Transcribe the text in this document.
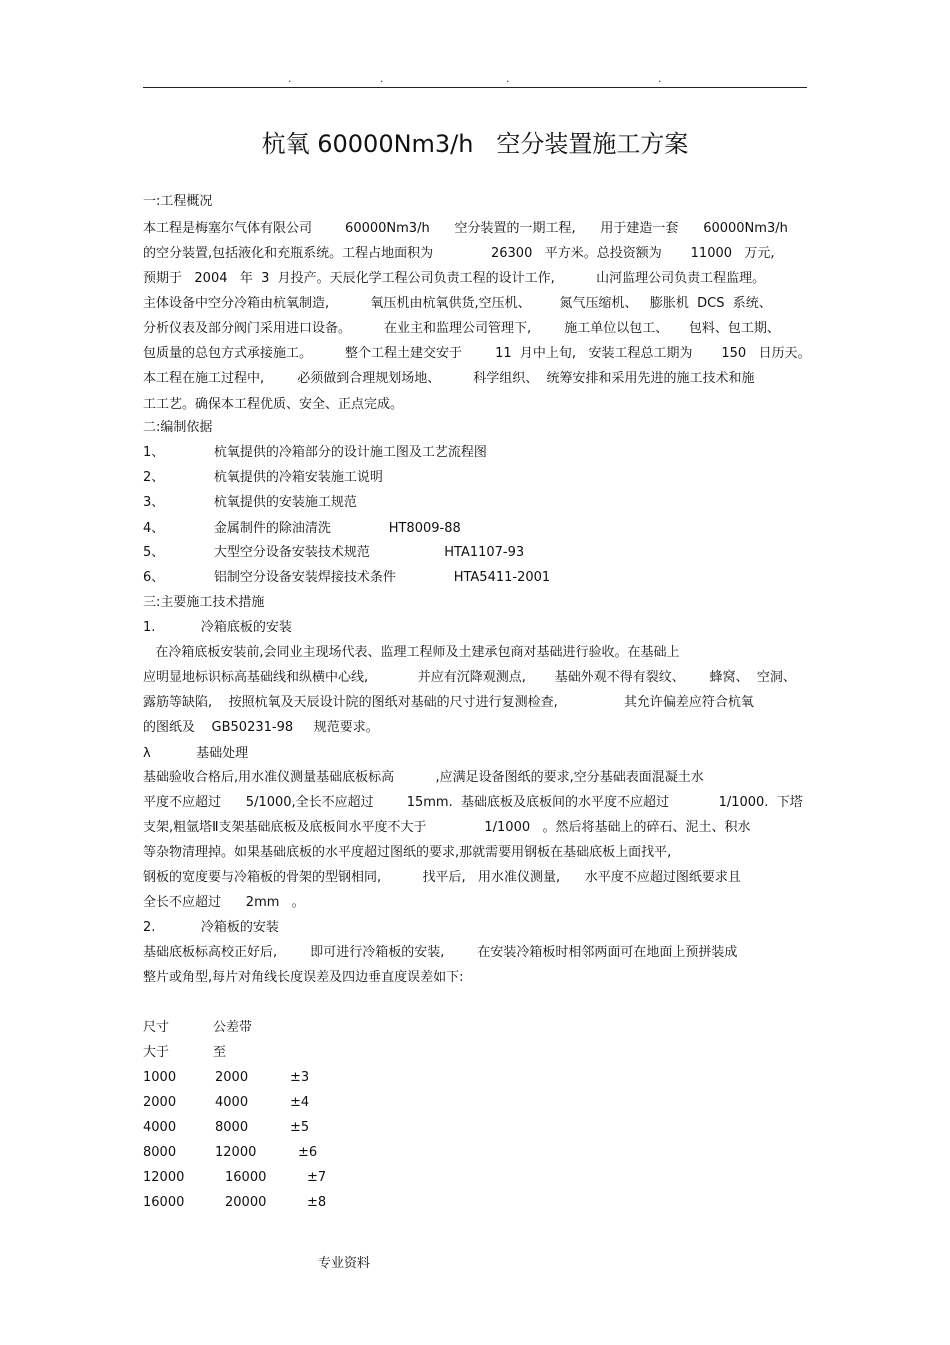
.	.	.	.
杭氧 60000Nm3/h   空分装置施工方案
一:工程概况
本工程是梅塞尔气体有限公司        60000Nm3/h      空分装置的一期工程,      用于建造一套      60000Nm3/h
的空分装置,包括液化和充瓶系统。工程占地面积为              26300   平方米。总投资额为       11000   万元,
预期于   2004   年  3  月投产。天辰化学工程公司负责工程的设计工作,          山河监理公司负责工程监理。
主体设备中空分冷箱由杭氧制造,          氧压机由杭氧供货,空压机、       氮气压缩机、   膨胀机  DCS  系统、
分析仪表及部分阀门采用进口设备。        在业主和监理公司管理下,        施工单位以包工、     包料、包工期、
包质量的总包方式承接施工。        整个工程土建交安于        11  月中上旬,   安装工程总工期为       150   日历天。
本工程在施工过程中,        必须做到合理规划场地、        科学组织、  统筹安排和采用先进的施工技术和施
工工艺。确保本工程优质、安全、正点完成。
二:编制依据
1、            杭氧提供的冷箱部分的设计施工图及工艺流程图
2、            杭氧提供的冷箱安装施工说明
3、            杭氧提供的安装施工规范
4、            金属制件的除油清洗              HT8009-88
5、            大型空分设备安装技术规范                  HTA1107-93
6、            铝制空分设备安装焊接技术条件              HTA5411-2001
三:主要施工技术措施
1.           冷箱底板的安装
在冷箱底板安装前,会同业主现场代表、监理工程师及土建承包商对基础进行验收。在基础上
应明显地标识标高基础线和纵横中心线,            并应有沉降观测点,       基础外观不得有裂纹、      蜂窝、  空洞、
露筋等缺陷,    按照杭氧及天辰设计院的图纸对基础的尺寸进行复测检查,                其允许偏差应符合杭氧
的图纸及    GB50231-98     规范要求。
λ           基础处理
基础验收合格后,用水准仪测量基础底板标高          ,应满足设备图纸的要求,空分基础表面混凝土水
平度不应超过      5/1000,全长不应超过        15mm.  基础底板及底板间的水平度不应超过            1/1000.  下塔
支架,粗氩塔Ⅱ支架基础底板及底板间水平度不大于              1/1000   。然后将基础上的碎石、泥土、积水
等杂物清理掉。如果基础底板的水平度超过图纸的要求,那就需要用钢板在基础底板上面找平,
钢板的宽度要与冷箱板的骨架的型钢相同,          找平后,   用水准仪测量,      水平度不应超过图纸要求且
全长不应超过      2mm   。
2.           冷箱板的安装
基础底板标高校正好后,        即可进行冷箱板的安装,        在安装冷箱板时相邻两面可在地面上预拼装成
整片或角型,每片对角线长度误差及四边垂直度误差如下:
尺寸	公差带
大于	至
1000	2000	±3
2000	4000	±4
4000	8000	±5
8000	12000	±6
12000	16000	±7
16000	20000	±8
专业资料
